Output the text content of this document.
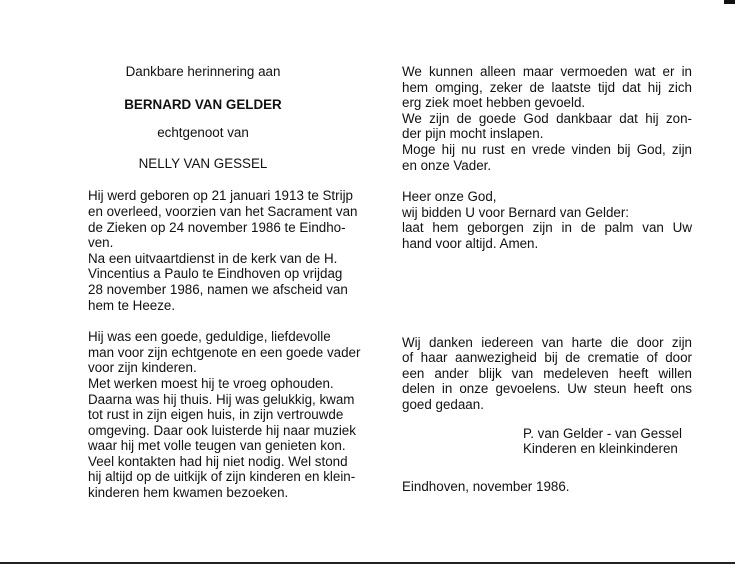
Dankbare herinnering aan
BERNARD VAN GELDER
echtgenoot van
NELLY VAN GESSEL
Hij werd geboren op 21 januari 1913 te Strijp
en overleed, voorzien van het Sacrament van
de Zieken op 24 november 1986 te Eindho-
ven.
Na een uitvaartdienst in de kerk van de H.
Vincentius a Paulo te Eindhoven op vrijdag
28 november 1986, namen we afscheid van
hem te Heeze.
Hij was een goede, geduldige, liefdevolle
man voor zijn echtgenote en een goede vader
voor zijn kinderen.
Met werken moest hij te vroeg ophouden.
Daarna was hij thuis. Hij was gelukkig, kwam
tot rust in zijn eigen huis, in zijn vertrouwde
omgeving. Daar ook luisterde hij naar muziek
waar hij met volle teugen van genieten kon.
Veel kontakten had hij niet nodig. Wel stond
hij altijd op de uitkijk of zijn kinderen en klein-
kinderen hem kwamen bezoeken.
We kunnen alleen maar vermoeden wat er in
hem omging, zeker de laatste tijd dat hij zich
erg ziek moet hebben gevoeld.
We zijn de goede God dankbaar dat hij zon-
der pijn mocht inslapen.
Moge hij nu rust en vrede vinden bij God, zijn
en onze Vader.
Heer onze God,
wij bidden U voor Bernard van Gelder:
laat hem geborgen zijn in de palm van Uw
hand voor altijd. Amen.
Wij danken iedereen van harte die door zijn
of haar aanwezigheid bij de crematie of door
een ander blijk van medeleven heeft willen
delen in onze gevoelens. Uw steun heeft ons
goed gedaan.
P. van Gelder - van Gessel
Kinderen en kleinkinderen
Eindhoven, november 1986.
